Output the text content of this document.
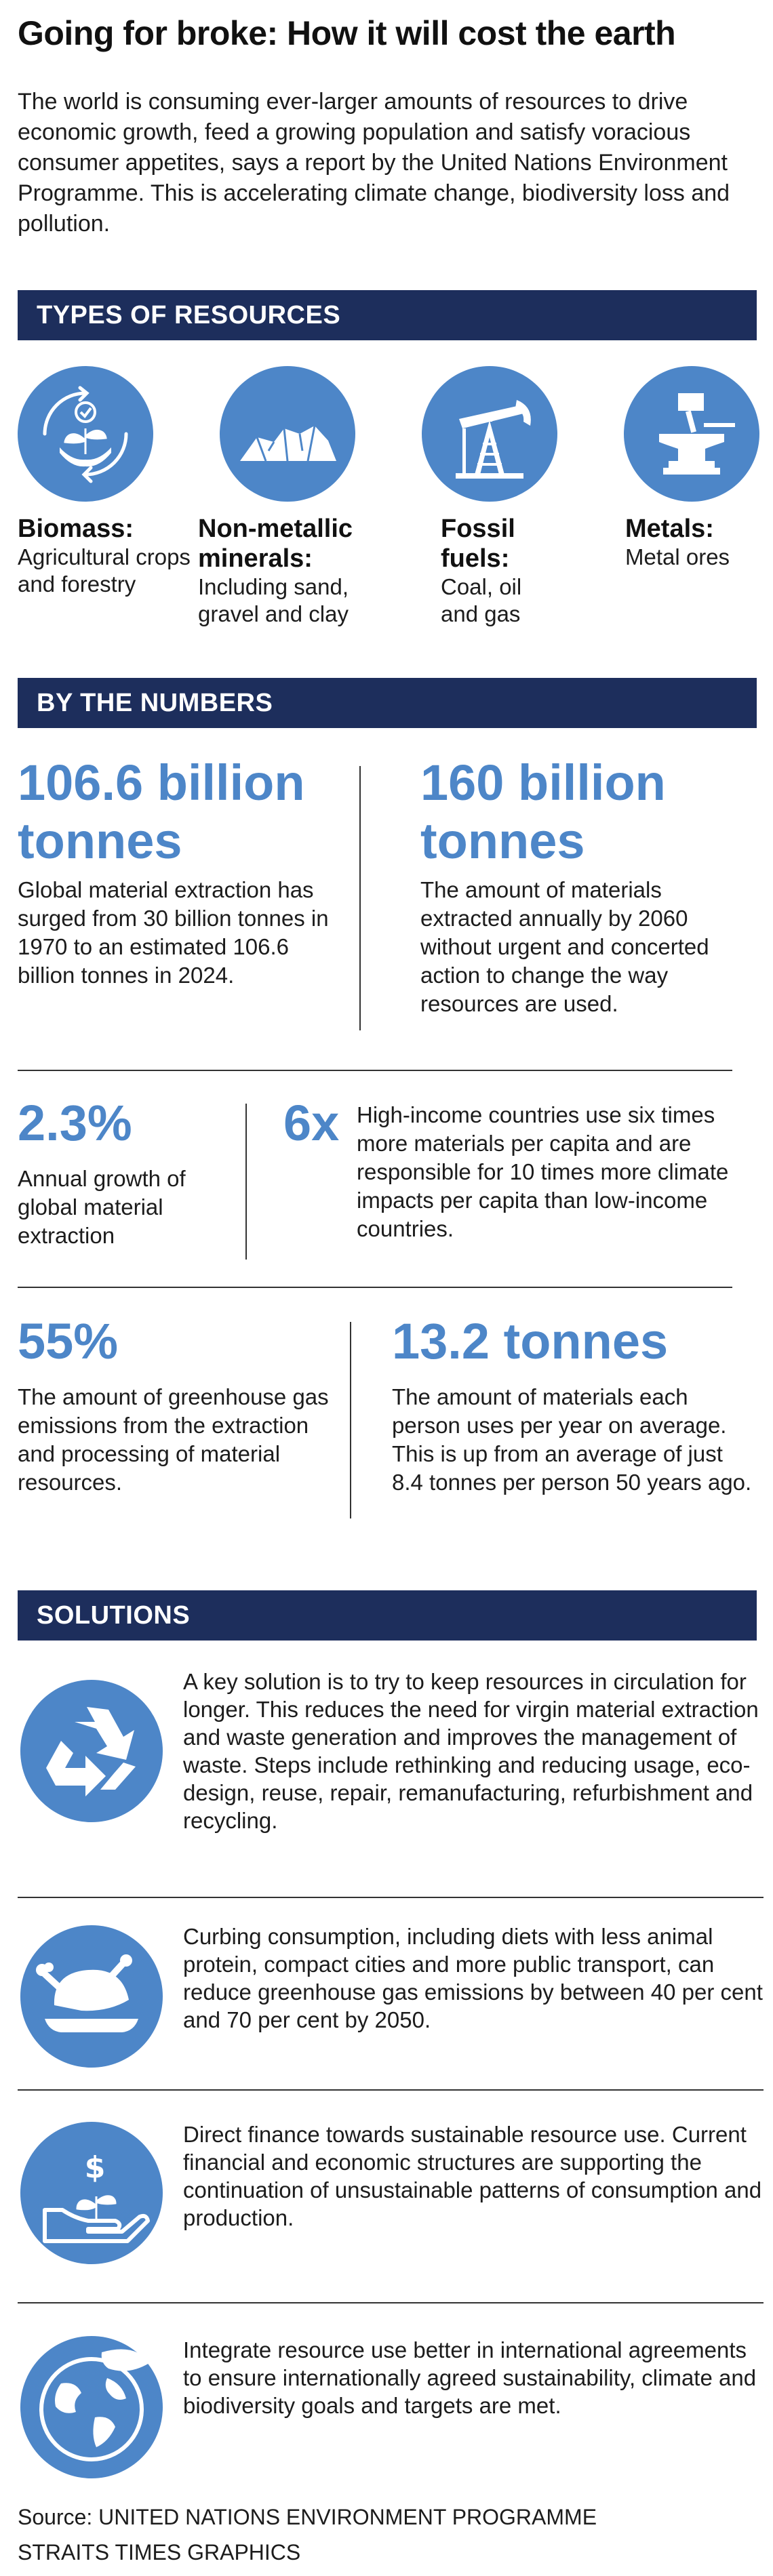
Going for broke: How it will cost the earth
The world is consuming ever-larger amounts of resources to drive economic growth, feed a growing population and satisfy voracious consumer appetites, says a report by the United Nations Environment Programme. This is accelerating climate change, biodiversity loss and pollution.
TYPES OF RESOURCES
Biomass:
Agricultural crops and forestry
Non-metallic minerals:
Including sand, gravel and clay
Fossil fuels:
Coal, oil and gas
Metals:
Metal ores
BY THE NUMBERS
106.6 billion tonnes
Global material extraction has surged from 30 billion tonnes in 1970 to an estimated 106.6 billion tonnes in 2024.
160 billion tonnes
The amount of materials extracted annually by 2060 without urgent and concerted action to change the way resources are used.
2.3%
Annual growth of global material extraction
6x High-income countries use six times more materials per capita and are responsible for 10 times more climate impacts per capita than low-income countries.
55%
The amount of greenhouse gas emissions from the extraction and processing of material resources.
13.2 tonnes
The amount of materials each person uses per year on average. This is up from an average of just 8.4 tonnes per person 50 years ago.
SOLUTIONS
A key solution is to try to keep resources in circulation for longer. This reduces the need for virgin material extraction and waste generation and improves the management of waste. Steps include rethinking and reducing usage, eco-design, reuse, repair, remanufacturing, refurbishment and recycling.
Curbing consumption, including diets with less animal protein, compact cities and more public transport, can reduce greenhouse gas emissions by between 40 per cent and 70 per cent by 2050.
$
Direct finance towards sustainable resource use. Current financial and economic structures are supporting the continuation of unsustainable patterns of consumption and production.
Integrate resource use better in international agreements to ensure internationally agreed sustainability, climate and biodiversity goals and targets are met.
Source: UNITED NATIONS ENVIRONMENT PROGRAMME
STRAITS TIMES GRAPHICS
